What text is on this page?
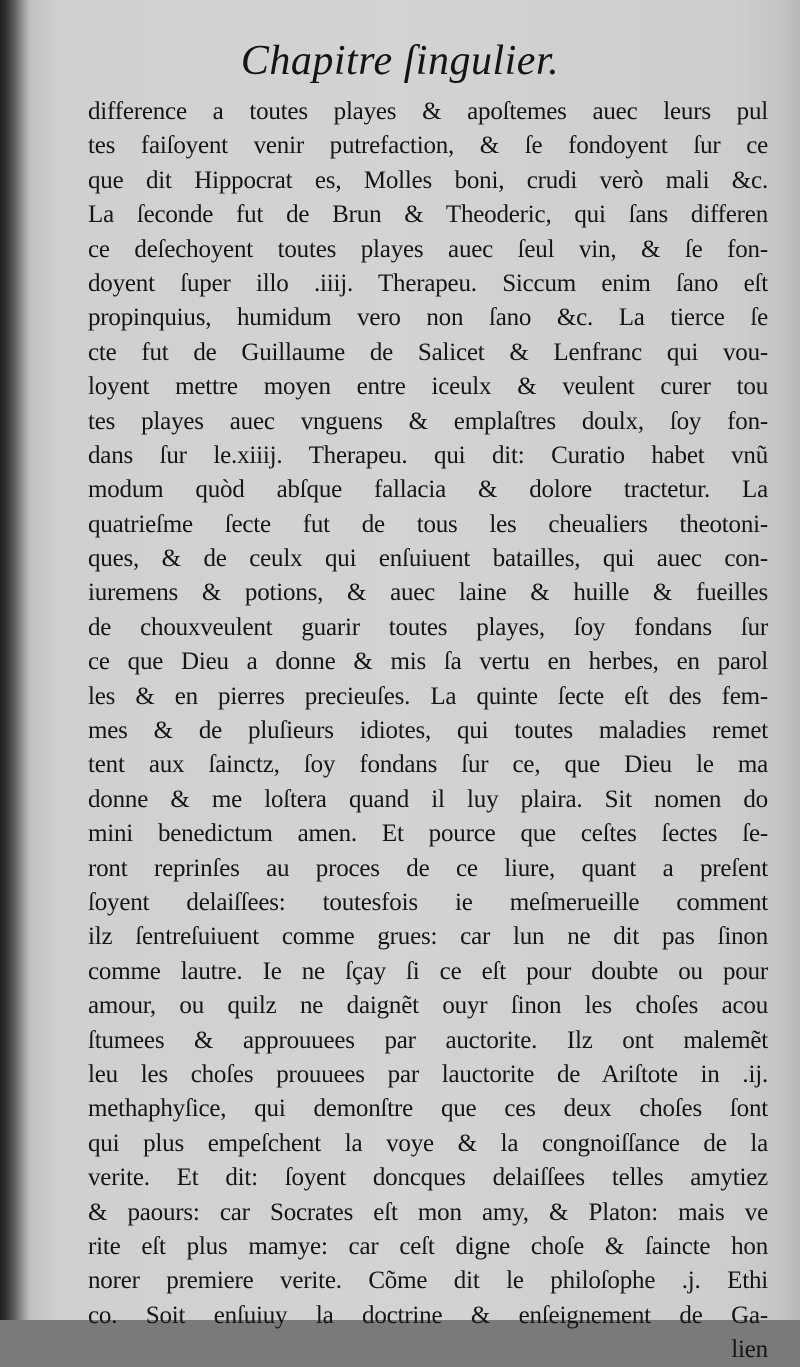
Chapitre ſingulier.
difference a toutes playes & apoſtemes auec leurs pul
tes faiſoyent venir putrefaction, & ſe fondoyent ſur ce
que dit Hippocrat es, Molles boni, crudi verò mali &c.
La ſeconde fut de Brun & Theoderic, qui ſans differen
ce deſechoyent toutes playes auec ſeul vin, & ſe fon-
doyent ſuper illo .iiij. Therapeu. Siccum enim ſano eſt
propinquius, humidum vero non ſano &c. La tierce ſe
cte fut de Guillaume de Salicet & Lenfranc qui vou-
loyent mettre moyen entre iceulx & veulent curer tou
tes playes auec vnguens & emplaſtres doulx, ſoy fon-
dans ſur le.xiiij. Therapeu. qui dit: Curatio habet vnũ
modum quòd abſque fallacia & dolore tractetur. La
quatrieſme ſecte fut de tous les cheualiers theotoni-
ques, & de ceulx qui enſuiuent batailles, qui auec con-
iuremens & potions, & auec laine & huille & fueilles
de chouxveulent guarir toutes playes, ſoy fondans ſur
ce que Dieu a donne & mis ſa vertu en herbes, en parol
les & en pierres precieuſes. La quinte ſecte eſt des fem-
mes & de pluſieurs idiotes, qui toutes maladies remet
tent aux ſainctz, ſoy fondans ſur ce, que Dieu le ma
donne & me loſtera quand il luy plaira. Sit nomen do
mini benedictum amen. Et pource que ceſtes ſectes ſe-
ront reprinſes au proces de ce liure, quant a preſent
ſoyent delaiſſees: toutesfois ie meſmerueille comment
ilz ſentreſuiuent comme grues: car lun ne dit pas ſinon
comme lautre. Ie ne ſçay ſi ce eſt pour doubte ou pour
amour, ou quilz ne daignẽt ouyr ſinon les choſes acou
ſtumees & approuuees par auctorite. Ilz ont malemẽt
leu les choſes prouuees par lauctorite de Ariſtote in .ij.
methaphyſice, qui demonſtre que ces deux choſes ſont
qui plus empeſchent la voye & la congnoiſſance de la
verite. Et dit: ſoyent doncques delaiſſees telles amytiez
& paours: car Socrates eſt mon amy, & Platon: mais ve
rite eſt plus mamye: car ceſt digne choſe & ſaincte hon
norer premiere verite. Cõme dit le philoſophe .j. Ethi
co. Soit enſuiuy la doctrine & enſeignement de Ga-
lien
